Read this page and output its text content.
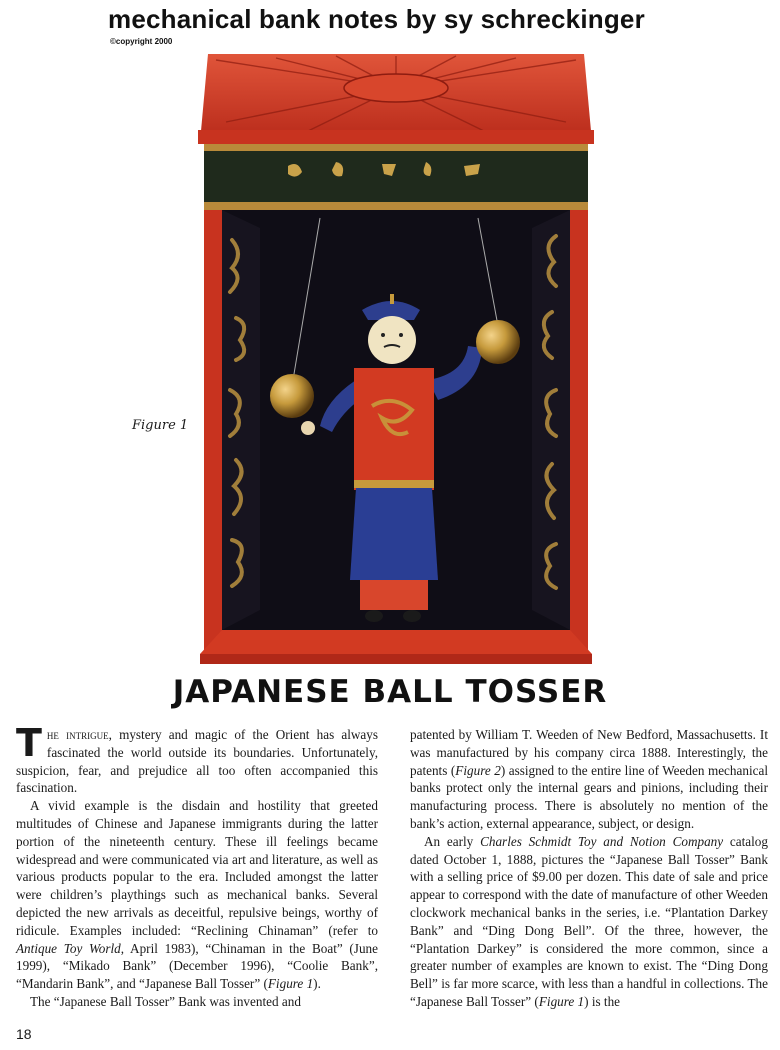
mechanical bank notes by sy schreckinger
©copyright 2000
Figure 1
JAPANESE BALL TOSSER

The intrigue, mystery and magic of the Orient has always fascinated the world outside its boundaries. Unfortunately, suspicion, fear, and prejudice all too often accompanied this fascination.

A vivid example is the disdain and hostility that greeted multitudes of Chinese and Japanese immigrants during the latter portion of the nineteenth century. These ill feelings became widespread and were communicated via art and literature, as well as various products popular to the era. Included amongst the latter were children’s playthings such as mechanical banks. Several depicted the new arrivals as deceitful, repulsive beings, worthy of ridicule. Examples included: “Reclining Chinaman” (refer to Antique Toy World, April 1983), “Chinaman in the Boat” (June 1999), “Mikado Bank” (December 1996), “Coolie Bank”, “Mandarin Bank”, and “Japanese Ball Tosser” (Figure 1).

The “Japanese Ball Tosser” Bank was invented and

patented by William T. Weeden of New Bedford, Massachusetts. It was manufactured by his company circa 1888. Interestingly, the patents (Figure 2) assigned to the entire line of Weeden mechanical banks protect only the internal gears and pinions, including their manufacturing process. There is absolutely no mention of the bank’s action, external appearance, subject, or design.

An early Charles Schmidt Toy and Notion Company catalog dated October 1, 1888, pictures the “Japanese Ball Tosser” Bank with a selling price of $9.00 per dozen. This date of sale and price appear to correspond with the date of manufacture of other Weeden clockwork mechanical banks in the series, i.e. “Plantation Darkey Bank” and “Ding Dong Bell”. Of the three, however, the “Plantation Darkey” is considered the more common, since a greater number of examples are known to exist. The “Ding Dong Bell” is far more scarce, with less than a handful in collections. The “Japanese Ball Tosser” (Figure 1) is the

18
